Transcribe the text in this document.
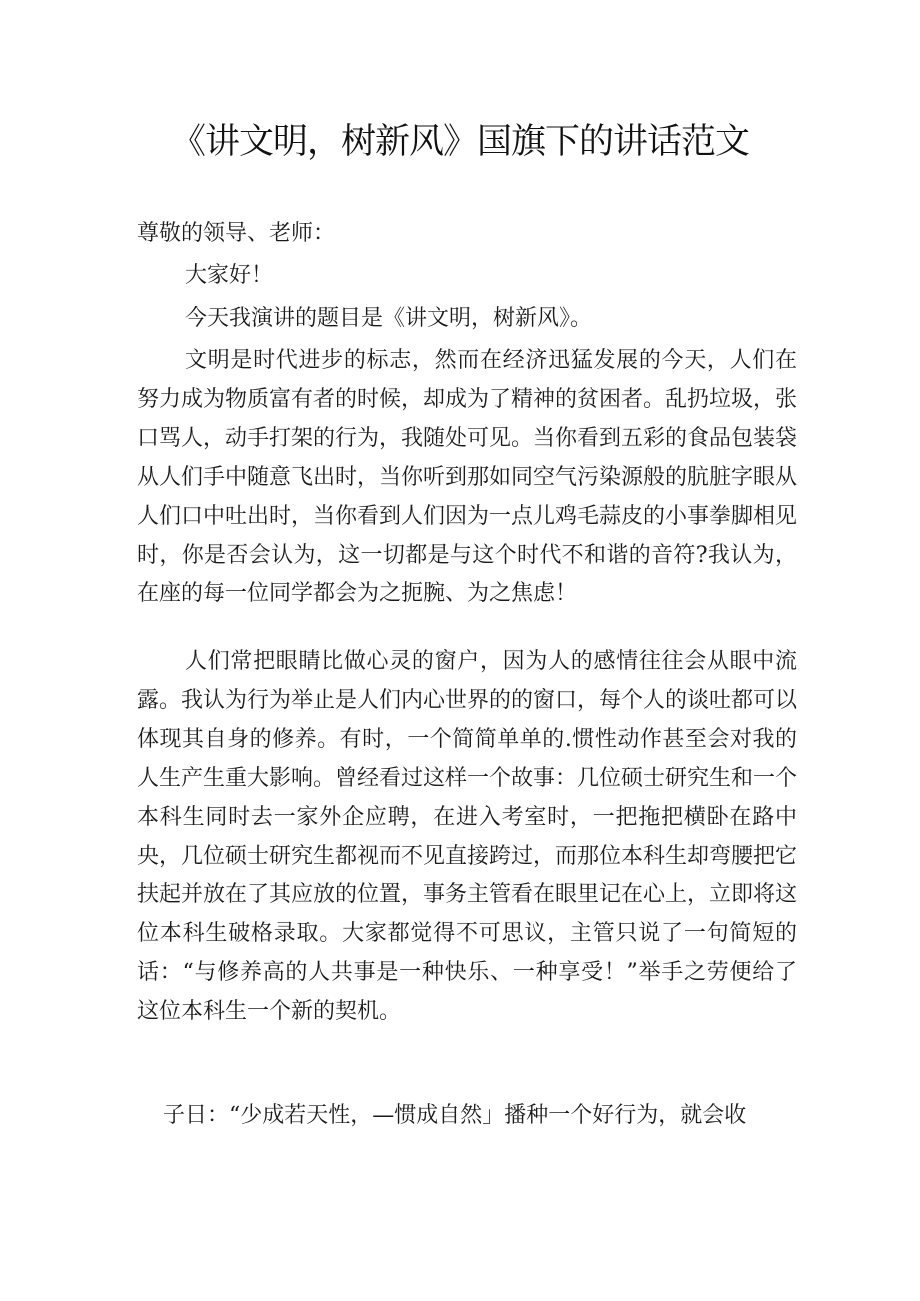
《讲文明，树新风》国旗下的讲话范文

尊敬的领导、老师：

大家好！

今天我演讲的题目是《讲文明，树新风》。

文明是时代进步的标志，然而在经济迅猛发展的今天，人们在努力成为物质富有者的时候，却成为了精神的贫困者。乱扔垃圾，张口骂人，动手打架的行为，我随处可见。当你看到五彩的食品包装袋从人们手中随意飞出时，当你听到那如同空气污染源般的肮脏字眼从人们口中吐出时，当你看到人们因为一点儿鸡毛蒜皮的小事拳脚相见时，你是否会认为，这一切都是与这个时代不和谐的音符?我认为，在座的每一位同学都会为之扼腕、为之焦虑！

人们常把眼睛比做心灵的窗户，因为人的感情往往会从眼中流露。我认为行为举止是人们内心世界的的窗口，每个人的谈吐都可以体现其自身的修养。有时，一个简简单单的.惯性动作甚至会对我的人生产生重大影响。曾经看过这样一个故事：几位硕士研究生和一个本科生同时去一家外企应聘，在进入考室时，一把拖把横卧在路中央，几位硕士研究生都视而不见直接跨过，而那位本科生却弯腰把它扶起并放在了其应放的位置，事务主管看在眼里记在心上，立即将这位本科生破格录取。大家都觉得不可思议，主管只说了一句简短的话：“与修养高的人共事是一种快乐、一种享受！”举手之劳便给了这位本科生一个新的契机。

子日：“少成若天性，—惯成自然」播种一个好行为，就会收
